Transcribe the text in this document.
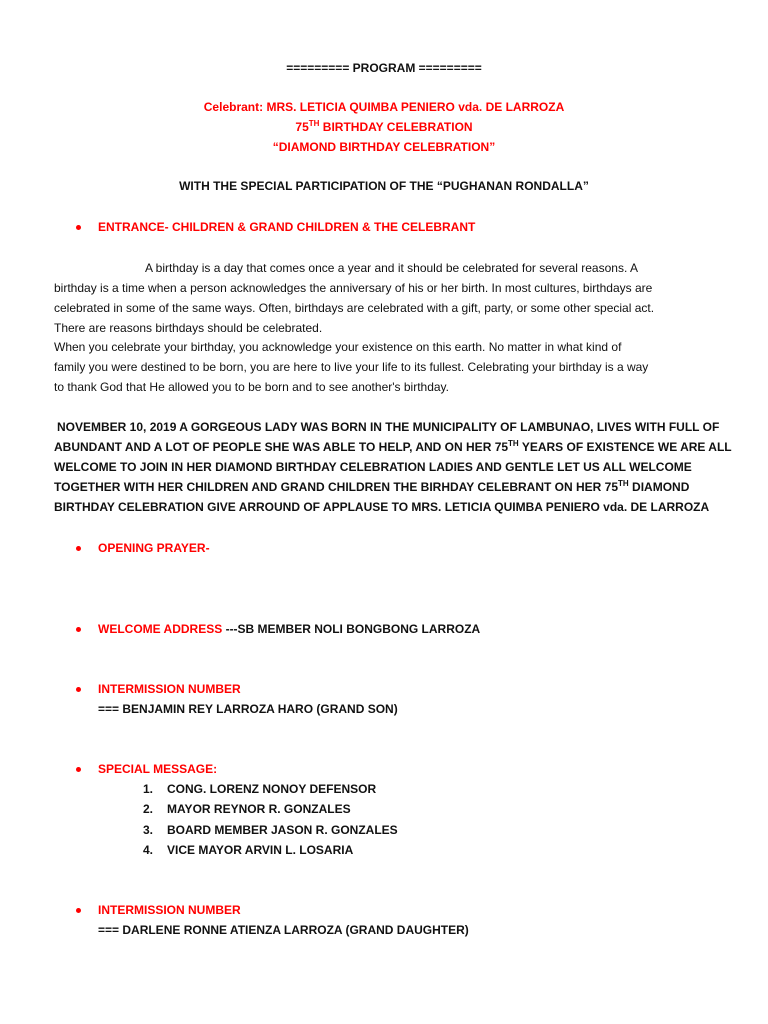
========= PROGRAM =========
Celebrant: MRS. LETICIA QUIMBA PENIERO vda. DE LARROZA
75TH BIRTHDAY CELEBRATION
“DIAMOND BIRTHDAY CELEBRATION”
WITH THE SPECIAL PARTICIPATION OF THE “PUGHANAN RONDALLA”
ENTRANCE- CHILDREN & GRAND CHILDREN & THE CELEBRANT
A birthday is a day that comes once a year and it should be celebrated for several reasons. A
birthday is a time when a person acknowledges the anniversary of his or her birth. In most cultures, birthdays are
celebrated in some of the same ways. Often, birthdays are celebrated with a gift, party, or some other special act.
There are reasons birthdays should be celebrated.
When you celebrate your birthday, you acknowledge your existence on this earth. No matter in what kind of
family you were destined to be born, you are here to live your life to its fullest. Celebrating your birthday is a way
to thank God that He allowed you to be born and to see another's birthday.
NOVEMBER 10, 2019 A GORGEOUS LADY WAS BORN IN THE MUNICIPALITY OF LAMBUNAO, LIVES WITH FULL OF
ABUNDANT AND A LOT OF PEOPLE SHE WAS ABLE TO HELP, AND ON HER 75TH YEARS OF EXISTENCE WE ARE ALL
WELCOME TO JOIN IN HER DIAMOND BIRTHDAY CELEBRATION LADIES AND GENTLE LET US ALL WELCOME
TOGETHER WITH HER CHILDREN AND GRAND CHILDREN THE BIRHDAY CELEBRANT ON HER 75TH DIAMOND
BIRTHDAY CELEBRATION GIVE ARROUND OF APPLAUSE TO MRS. LETICIA QUIMBA PENIERO vda. DE LARROZA
OPENING PRAYER-
WELCOME ADDRESS ---SB MEMBER NOLI BONGBONG LARROZA
INTERMISSION NUMBER
=== BENJAMIN REY LARROZA HARO (GRAND SON)
SPECIAL MESSAGE:
1. CONG. LORENZ NONOY DEFENSOR
2. MAYOR REYNOR R. GONZALES
3. BOARD MEMBER JASON R. GONZALES
4. VICE MAYOR ARVIN L. LOSARIA
INTERMISSION NUMBER
=== DARLENE RONNE ATIENZA LARROZA (GRAND DAUGHTER)
